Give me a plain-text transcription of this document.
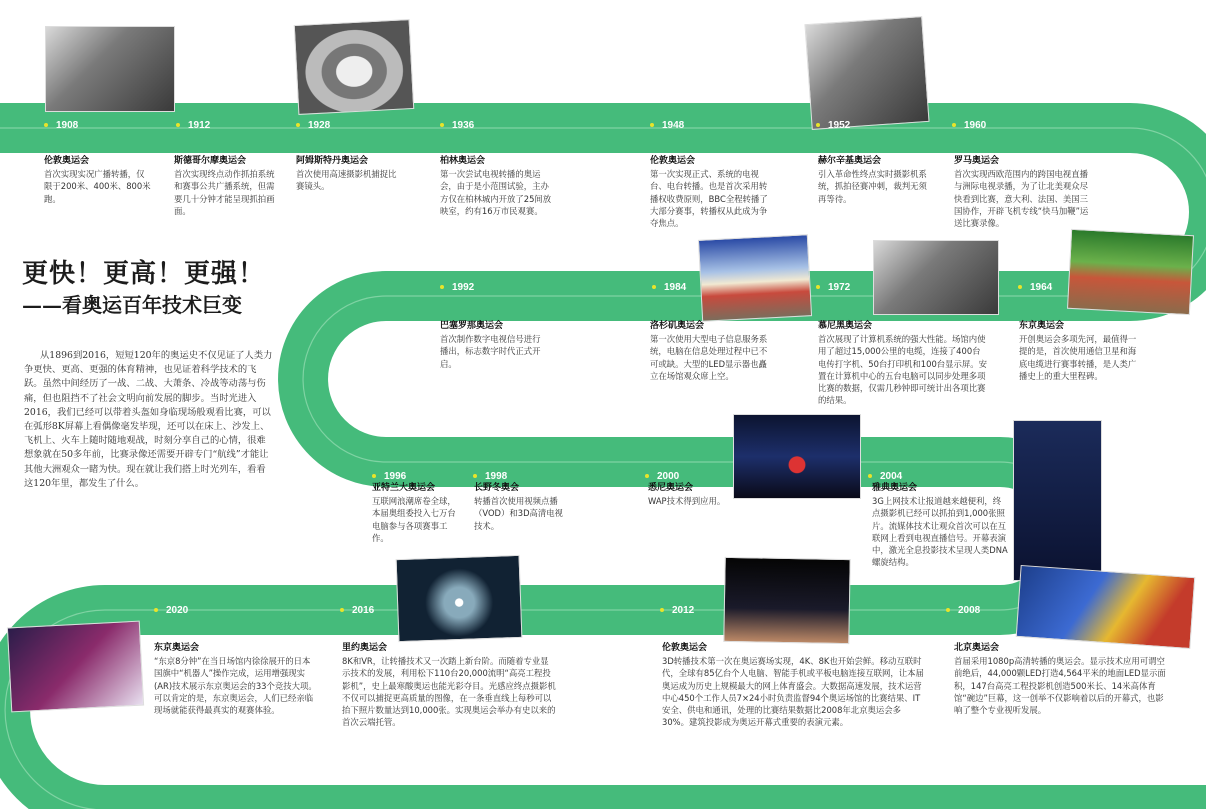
1908	1912	1928	1936	1948	1952	1960
1992	1984	1972	1964
1996	1998	2000	2004
2020	2016	2012	2008
更快！更高！更强！
——看奥运百年技术巨变
从1896到2016，短短120年的奥运史不仅见证了人类力争更快、更高、更强的体育精神，也见证着科学技术的飞跃。虽然中间经历了一战、二战、大萧条、冷战等动荡与伤痛，但也阻挡不了社会文明向前发展的脚步。当时光进入2016，我们已经可以带着头盔如身临现场般观看比赛，可以在弧形8K屏幕上看偶像毫发毕现，还可以在床上、沙发上、飞机上、火车上随时随地观战，时刻分享自己的心情，很难想象就在50多年前，比赛录像还需要开辟专门“航线”才能让其他大洲观众一睹为快。现在就让我们搭上时光列车，看看这120年里，都发生了什么。
伦敦奥运会
首次实现实况广播转播，仅限于200米、400米、800米跑。
斯德哥尔摩奥运会
首次实现终点动作抓拍系统和赛事公共广播系统，但需要几十分钟才能呈现抓拍画面。
阿姆斯特丹奥运会
首次使用高速摄影机捕捉比赛镜头。
柏林奥运会
第一次尝试电视转播的奥运会，由于是小范围试验，主办方仅在柏林城内开放了25间放映室，约有16万市民观赛。
伦敦奥运会
第一次实现正式、系统的电视台、电台转播。也是首次采用转播权收费原则，BBC全程转播了大部分赛事，转播权从此成为争夺焦点。
赫尔辛基奥运会
引入革命性终点实时摄影机系统，抓拍径赛冲刺，裁判无须再等待。
罗马奥运会
首次实现西欧范围内的跨国电视直播与洲际电视录播，为了让北美观众尽快看到比赛，意大利、法国、美国三国协作，开辟飞机专线“快马加鞭”运送比赛录像。
巴塞罗那奥运会
首次制作数字电视信号进行播出，标志数字时代正式开启。
洛杉矶奥运会
第一次使用大型电子信息服务系统，电脑在信息处理过程中已不可或缺。大型的LED显示器也矗立在场馆观众席上空。
慕尼黑奥运会
首次展现了计算机系统的强大性能。场馆内使用了超过15,000公里的电缆，连接了400台电传打字机、50台打印机和100台显示屏。安置在计算机中心的五台电脑可以同步处理多项比赛的数据，仅需几秒钟即可统计出各项比赛的结果。
东京奥运会
开创奥运会多项先河，最值得一提的是，首次使用通信卫星和海底电缆进行赛事转播，是人类广播史上的重大里程碑。
亚特兰大奥运会
互联网浪潮席卷全球，本届奥组委投入七万台电脑参与各项赛事工作。
长野冬奥会
转播首次使用视频点播（VOD）和3D高清电视技术。
悉尼奥运会
WAP技术得到应用。
雅典奥运会
3G上网技术让报道越来越便利，终点摄影机已经可以抓拍到1,000张照片。流媒体技术让观众首次可以在互联网上看到电视直播信号。开幕表演中，激光全息投影技术呈现人类DNA螺旋结构。
东京奥运会
“东京8分钟”在当日场馆内徐徐展开的日本国旗中“机器人”操作完成，运用增强现实(AR)技术展示东京奥运会的33个竞技大项。可以肯定的是，东京奥运会，人们已经亲临现场就能获得最真实的观赛体验。
里约奥运会
8K和VR，让转播技术又一次踏上新台阶。而随着专业显示技术的发展，利用松下110台20,000流明“高亮工程投影机”，史上最寒酸奥运也能光彩夺目。光感应终点摄影机不仅可以捕捉更高质量的图像，在一条垂直线上每秒可以抬下照片数量达到10,000张。实现奥运会举办有史以来的首次云端托管。
伦敦奥运会
3D转播技术第一次在奥运赛场实现，4K、8K也开始尝鲜。移动互联时代，全球有85亿台个人电脑、智能手机或平板电脑连接互联网，让本届奥运成为历史上规模最大的网上体育盛会。大数据高速发展，技术运营中心450个工作人员7×24小时负责监督94个奥运场馆的比赛结果、IT安全、供电和通讯，处理的比赛结果数据比2008年北京奥运会多30%。建筑投影成为奥运开幕式重要的表演元素。
北京奥运会
首届采用1080p高清转播的奥运会。显示技术应用可谓空前绝后，44,000颗LED打造4,564平米的地面LED显示面积，147台高亮工程投影机创造500米长、14米高体育馆“碗边”巨幕，这一创举不仅影响着以后的开幕式，也影响了整个专业视听发展。
